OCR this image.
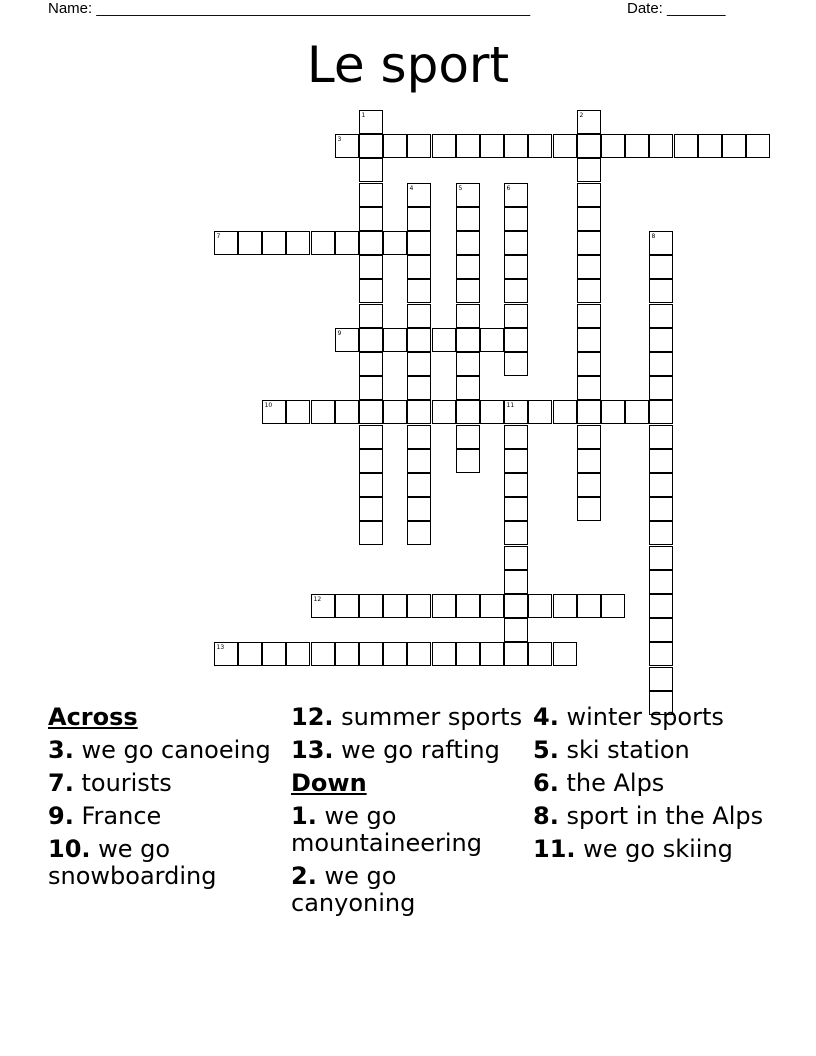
Name: ____________________________________________________	Date: _______
Le sport
3
7
9
10	11
12
13
1	2
4	5	6
8
Across
3. we go canoeing
7. tourists
9. France
10. we go snowboarding
12. summer sports
13. we go rafting
Down
1. we go mountaineering
2. we go canyoning
4. winter sports
5. ski station
6. the Alps
8. sport in the Alps
11. we go skiing
